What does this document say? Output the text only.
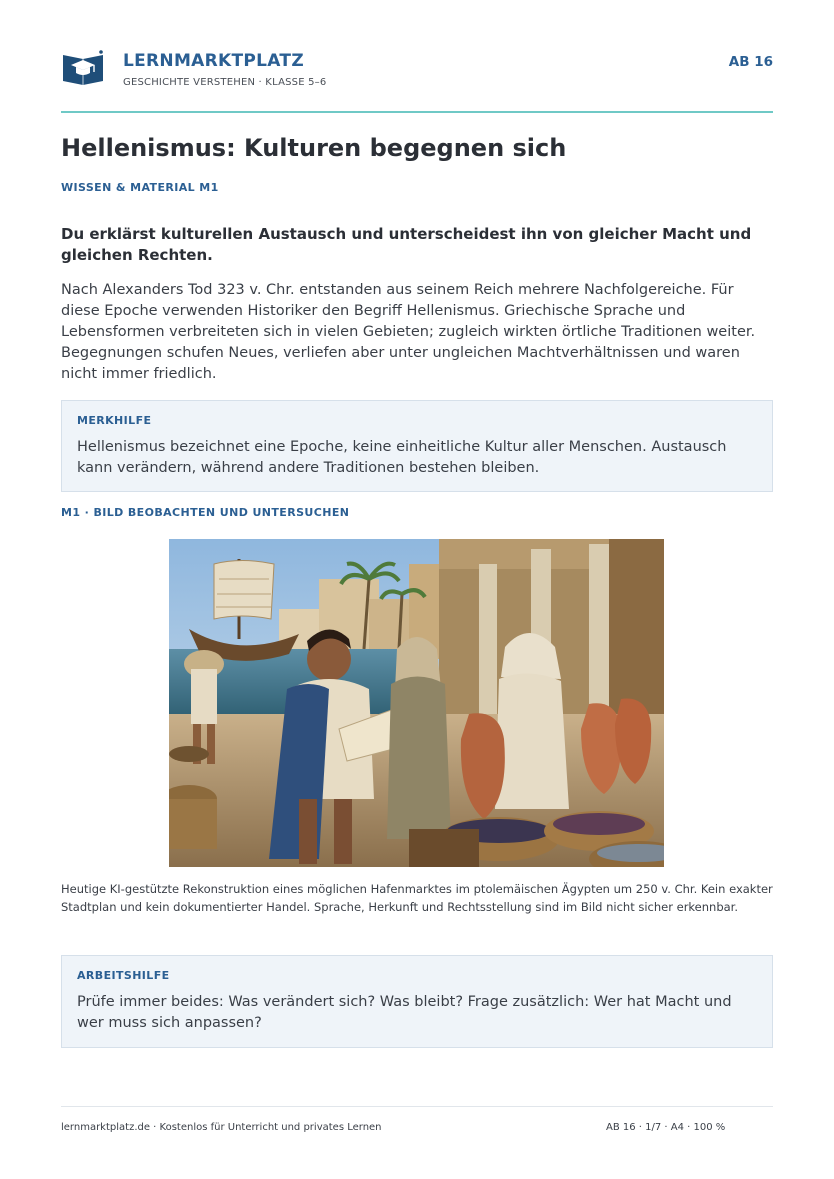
LERNMARKTPLATZ
GESCHICHTE VERSTEHEN · KLASSE 5–6
AB 16
Hellenismus: Kulturen begegnen sich
WISSEN & MATERIAL M1
Du erklärst kulturellen Austausch und unterscheidest ihn von gleicher Macht und gleichen Rechten.
Nach Alexanders Tod 323 v. Chr. entstanden aus seinem Reich mehrere Nachfolgereiche. Für diese Epoche verwenden Historiker den Begriff Hellenismus. Griechische Sprache und Lebensformen verbreiteten sich in vielen Gebieten; zugleich wirkten örtliche Traditionen weiter. Begegnungen schufen Neues, verliefen aber unter ungleichen Machtverhältnissen und waren nicht immer friedlich.
MERKHILFE
Hellenismus bezeichnet eine Epoche, keine einheitliche Kultur aller Menschen. Austausch kann verändern, während andere Traditionen bestehen bleiben.
M1 · BILD BEOBACHTEN UND UNTERSUCHEN
Heutige KI-gestützte Rekonstruktion eines möglichen Hafenmarktes im ptolemäischen Ägypten um 250 v. Chr. Kein exakter Stadtplan und kein dokumentierter Handel. Sprache, Herkunft und Rechtsstellung sind im Bild nicht sicher erkennbar.
ARBEITSHILFE
Prüfe immer beides: Was verändert sich? Was bleibt? Frage zusätzlich: Wer hat Macht und wer muss sich anpassen?
lernmarktplatz.de · Kostenlos für Unterricht und privates Lernen	AB 16 · 1/7 · A4 · 100 %
